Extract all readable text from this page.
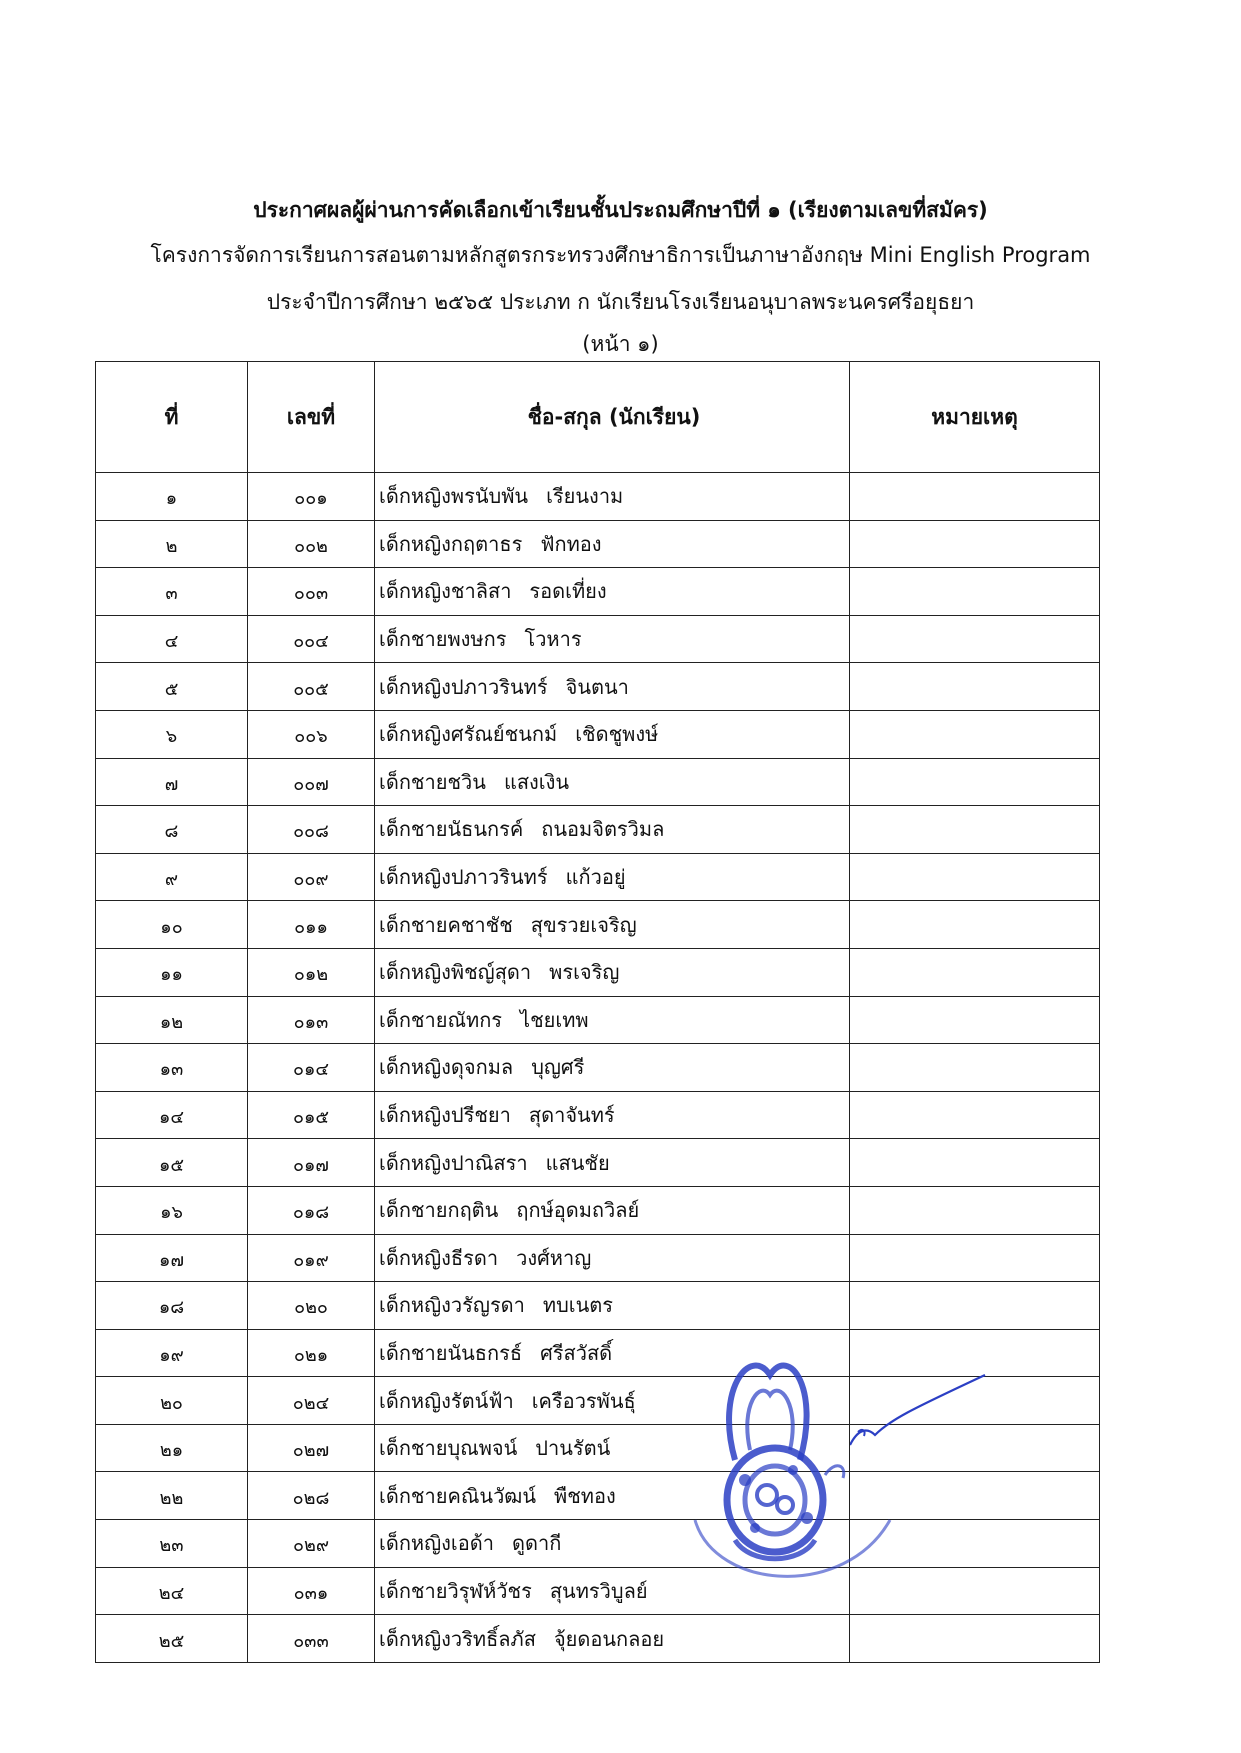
ประกาศผลผู้ผ่านการคัดเลือกเข้าเรียนชั้นประถมศึกษาปีที่ ๑ (เรียงตามเลขที่สมัคร)
โครงการจัดการเรียนการสอนตามหลักสูตรกระทรวงศึกษาธิการเป็นภาษาอังกฤษ Mini English Program
ประจำปีการศึกษา ๒๕๖๕ ประเภท ก นักเรียนโรงเรียนอนุบาลพระนครศรีอยุธยา
(หน้า ๑)
ที่	เลขที่	ชื่อ-สกุล (นักเรียน)	หมายเหตุ
๑	๐๐๑	เด็กหญิงพรนับพัน เรียนงาม	
๒	๐๐๒	เด็กหญิงกฤตาธร ฟักทอง	
๓	๐๐๓	เด็กหญิงชาลิสา รอดเที่ยง	
๔	๐๐๔	เด็กชายพงษกร โวหาร	
๕	๐๐๕	เด็กหญิงปภาวรินทร์ จินตนา	
๖	๐๐๖	เด็กหญิงศรัณย์ชนกม์ เชิดชูพงษ์	
๗	๐๐๗	เด็กชายชวิน แสงเงิน	
๘	๐๐๘	เด็กชายนัธนกรค์ ถนอมจิตรวิมล	
๙	๐๐๙	เด็กหญิงปภาวรินทร์ แก้วอยู่	
๑๐	๐๑๑	เด็กชายคชาชัช สุขรวยเจริญ	
๑๑	๐๑๒	เด็กหญิงพิชญ์สุดา พรเจริญ	
๑๒	๐๑๓	เด็กชายณัทกร ไชยเทพ	
๑๓	๐๑๔	เด็กหญิงดุจกมล บุญศรี	
๑๔	๐๑๕	เด็กหญิงปรีชยา สุดาจันทร์	
๑๕	๐๑๗	เด็กหญิงปาณิสรา แสนชัย	
๑๖	๐๑๘	เด็กชายกฤติน ฤกษ์อุดมถวิลย์	
๑๗	๐๑๙	เด็กหญิงธีรดา วงศ์หาญ	
๑๘	๐๒๐	เด็กหญิงวรัญรดา ทบเนตร	
๑๙	๐๒๑	เด็กชายนันธกรธ์ ศรีสวัสดิ์	
๒๐	๐๒๔	เด็กหญิงรัตน์ฟ้า เครือวรพันธุ์	
๒๑	๐๒๗	เด็กชายบุณพจน์ ปานรัตน์	
๒๒	๐๒๘	เด็กชายคณินวัฒน์ พืชทอง	
๒๓	๐๒๙	เด็กหญิงเอด้า ดูดากี	
๒๔	๐๓๑	เด็กชายวิรุฬห์วัชร สุนทรวิบูลย์	
๒๕	๐๓๓	เด็กหญิงวริทธิ์ลภัส จุ้ยดอนกลอย	
